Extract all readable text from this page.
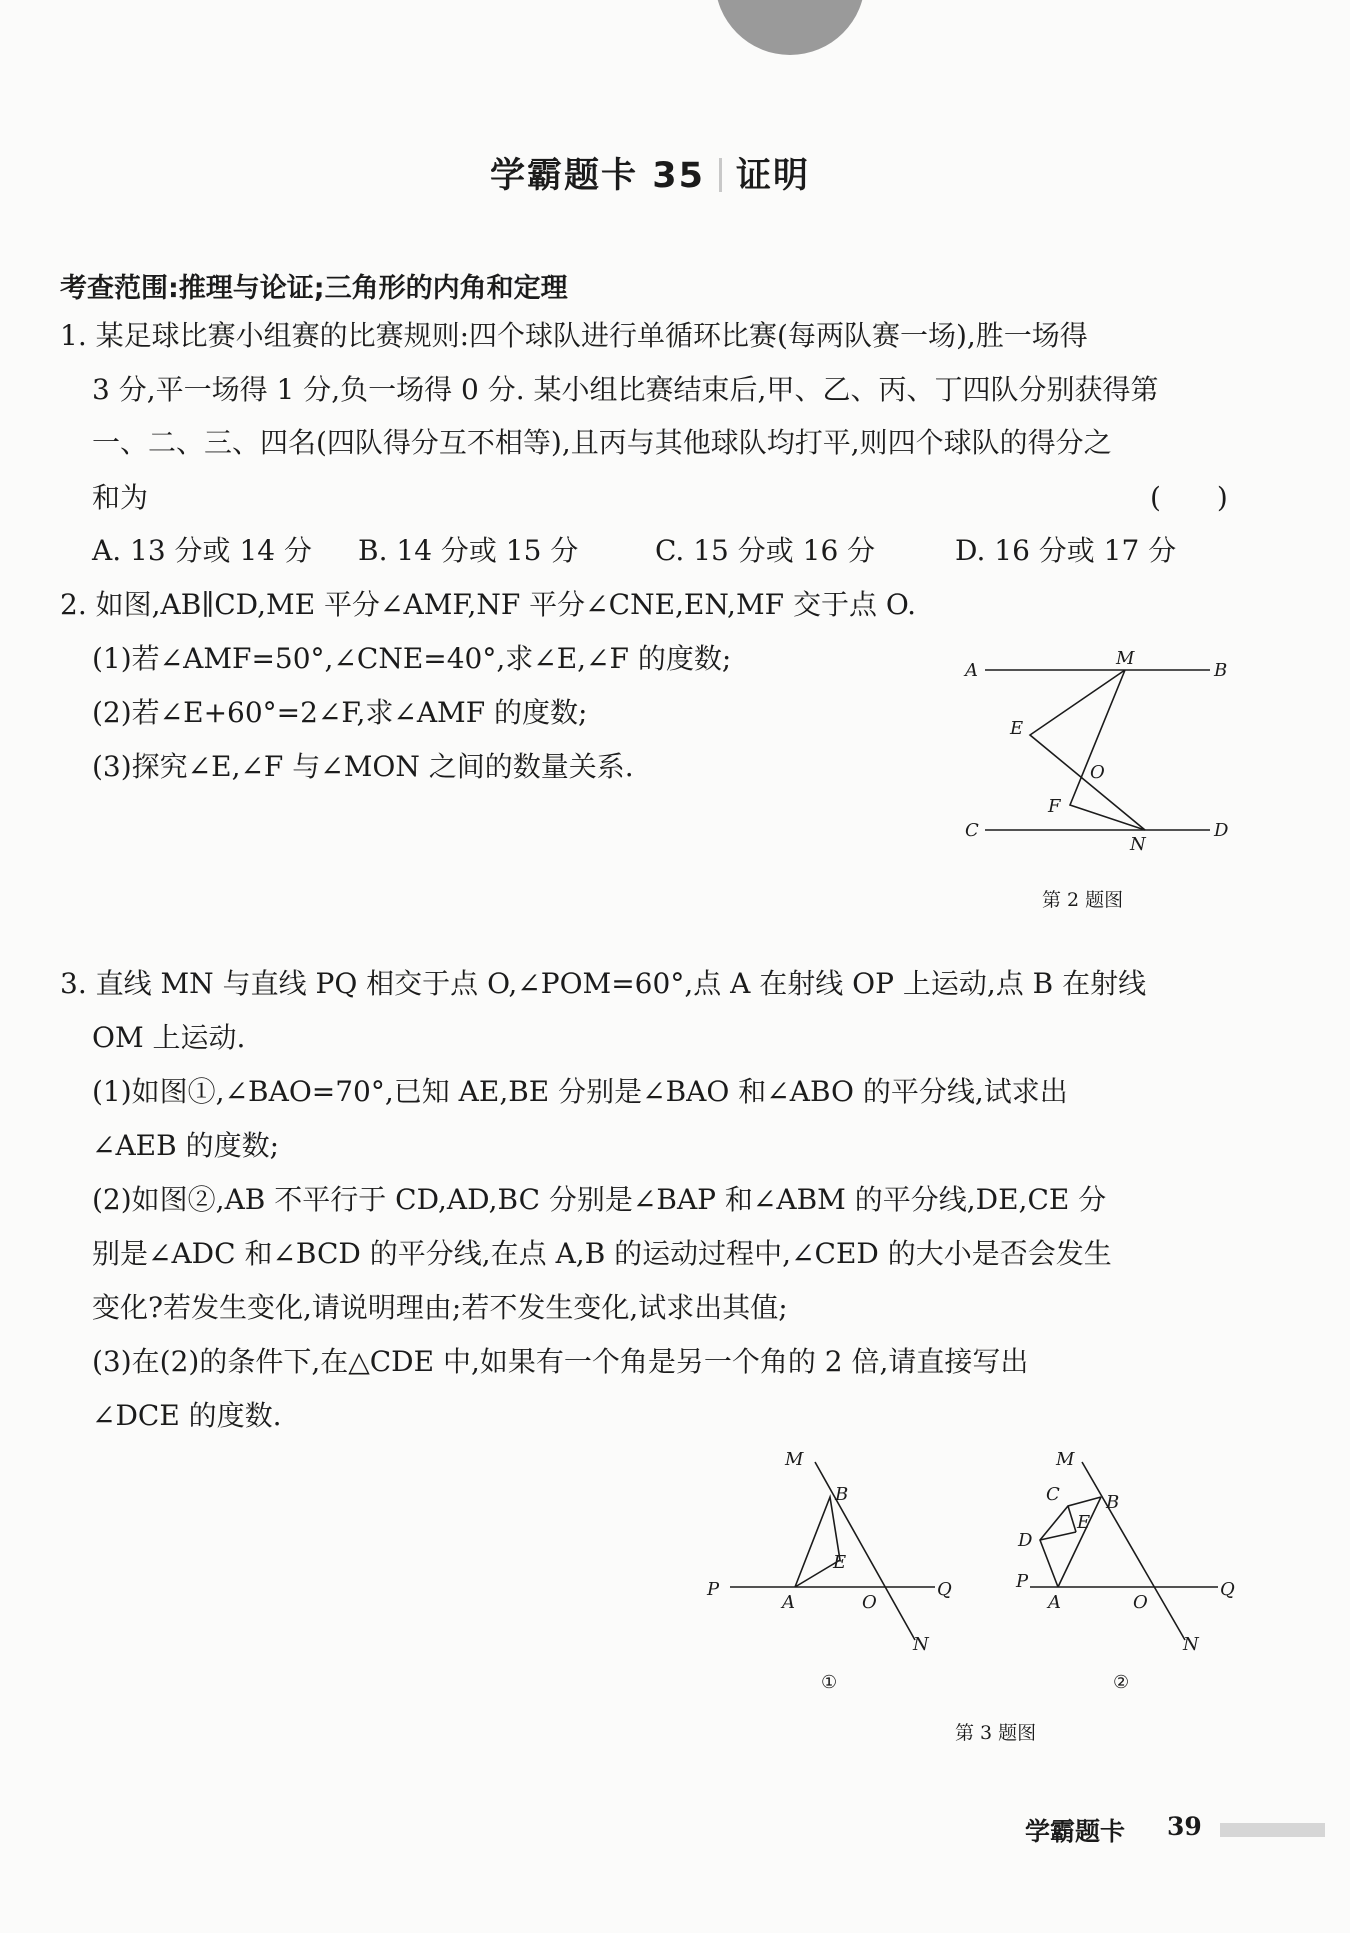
学霸题卡 35 证明
考查范围:推理与论证;三角形的内角和定理
1. 某足球比赛小组赛的比赛规则:四个球队进行单循环比赛(每两队赛一场),胜一场得
3 分,平一场得 1 分,负一场得 0 分. 某小组比赛结束后,甲、乙、丙、丁四队分别获得第
一、二、三、四名(四队得分互不相等),且丙与其他球队均打平,则四个球队的得分之
和为	(　　)
A. 13 分或 14 分 B. 14 分或 15 分	C. 15 分或 16 分	D. 16 分或 17 分
2. 如图,AB∥CD,ME 平分∠AMF,NF 平分∠CNE,EN,MF 交于点 O.
(1)若∠AMF=50°,∠CNE=40°,求∠E,∠F 的度数;
(2)若∠E+60°=2∠F,求∠AMF 的度数;
(3)探究∠E,∠F 与∠MON 之间的数量关系.
A
M
B
E
O
F
C
N
D
第 2 题图
3. 直线 MN 与直线 PQ 相交于点 O,∠POM=60°,点 A 在射线 OP 上运动,点 B 在射线
OM 上运动.
(1)如图①,∠BAO=70°,已知 AE,BE 分别是∠BAO 和∠ABO 的平分线,试求出
∠AEB 的度数;
(2)如图②,AB 不平行于 CD,AD,BC 分别是∠BAP 和∠ABM 的平分线,DE,CE 分
别是∠ADC 和∠BCD 的平分线,在点 A,B 的运动过程中,∠CED 的大小是否会发生
变化?若发生变化,请说明理由;若不发生变化,试求出其值;
(3)在(2)的条件下,在△CDE 中,如果有一个角是另一个角的 2 倍,请直接写出
∠DCE 的度数.
M
B
E
P
A	O
Q
N
①
M
C	B
E
D
P
A	O
Q
N
②
第 3 题图
学霸题卡 39
